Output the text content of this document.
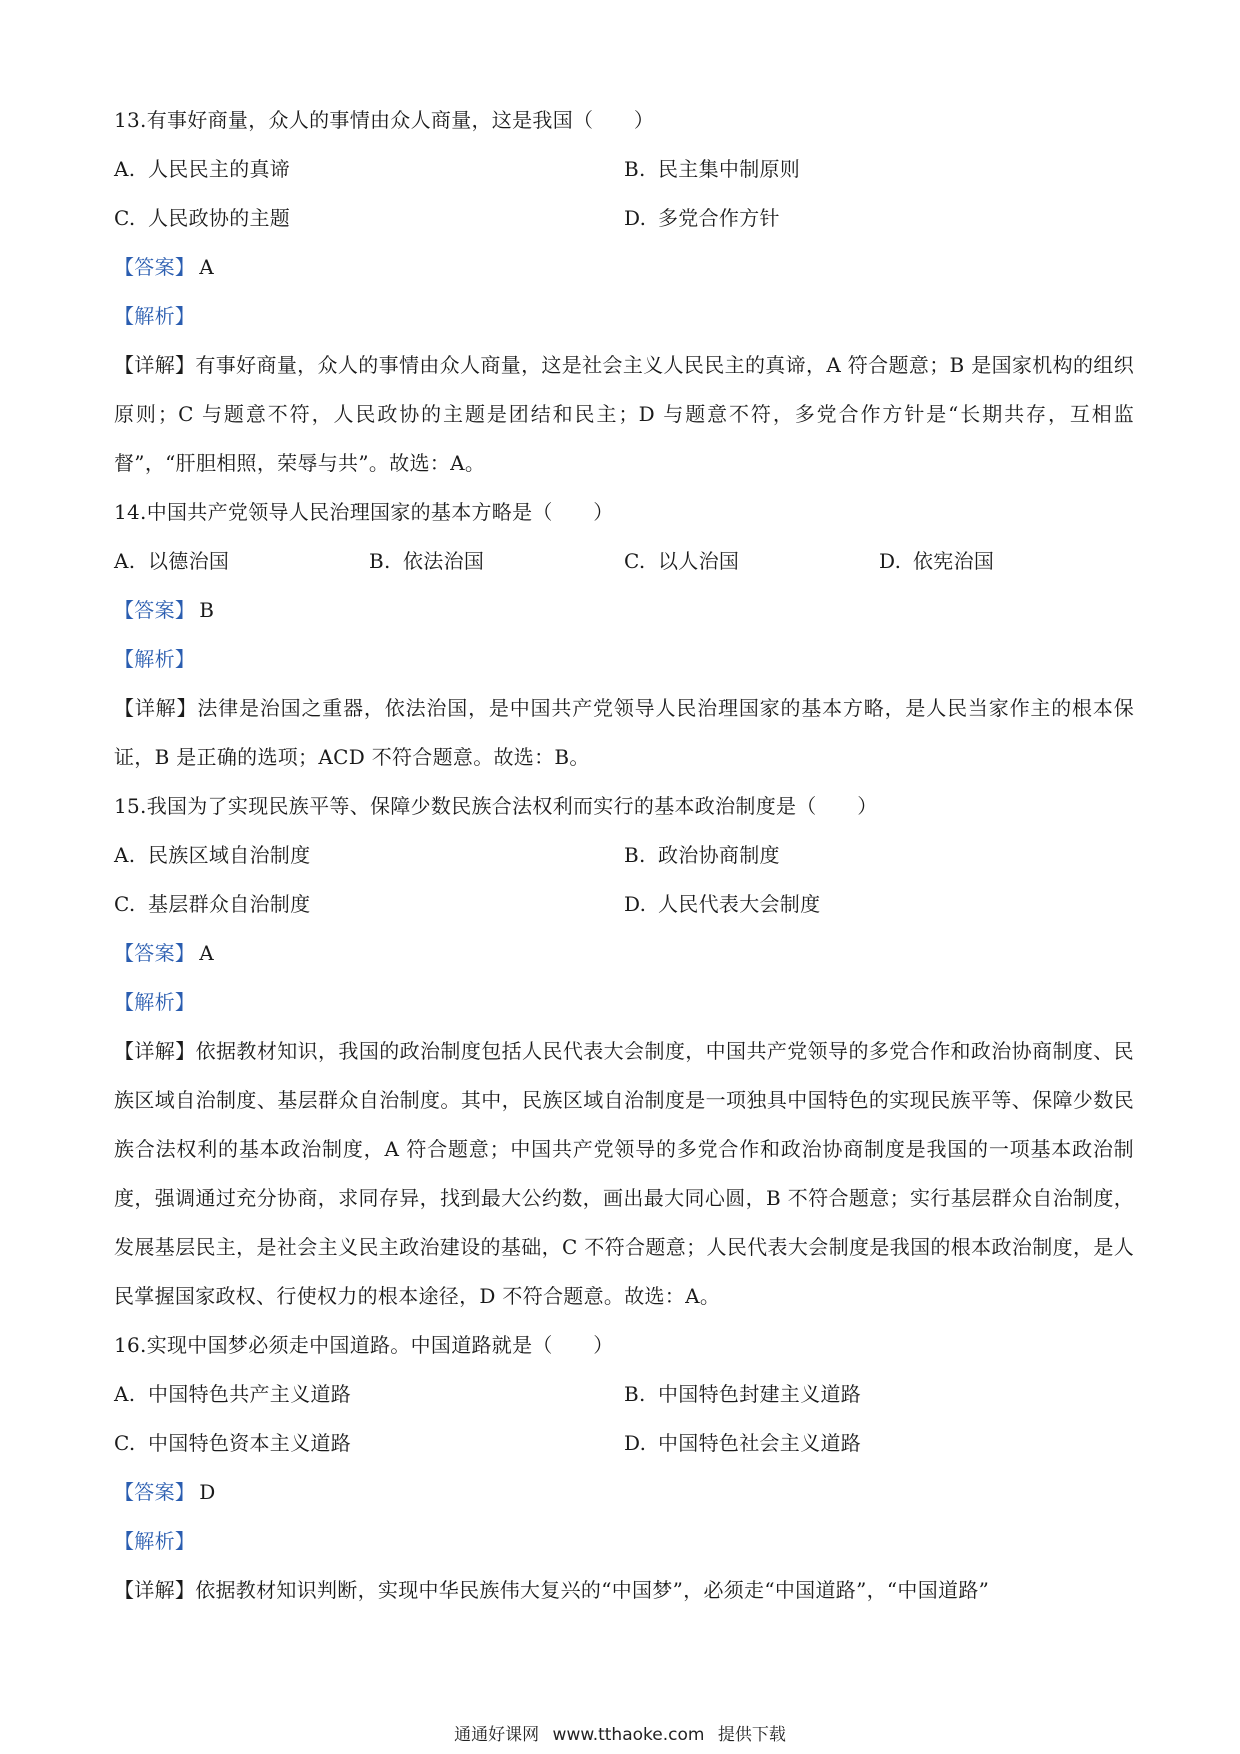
13.有事好商量，众人的事情由众人商量，这是我国（　　）
A. 人民民主的真谛	B. 民主集中制原则
C. 人民政协的主题	D. 多党合作方针
【答案】 A
【解析】
【详解】有事好商量，众人的事情由众人商量，这是社会主义人民民主的真谛，A 符合题意；B 是国家机构的组织原则；C 与题意不符，人民政协的主题是团结和民主；D 与题意不符，多党合作方针是“长期共存，互相监督”，“肝胆相照，荣辱与共”。故选：A。
14.中国共产党领导人民治理国家的基本方略是（　　）
A. 以德治国	B. 依法治国	C. 以人治国	D. 依宪治国
【答案】 B
【解析】
【详解】法律是治国之重器，依法治国，是中国共产党领导人民治理国家的基本方略，是人民当家作主的根本保证，B 是正确的选项；ACD 不符合题意。故选：B。
15.我国为了实现民族平等、保障少数民族合法权利而实行的基本政治制度是（　　）
A. 民族区域自治制度	B. 政治协商制度
C. 基层群众自治制度	D. 人民代表大会制度
【答案】 A
【解析】
【详解】依据教材知识，我国的政治制度包括人民代表大会制度，中国共产党领导的多党合作和政治协商制度、民族区域自治制度、基层群众自治制度。其中，民族区域自治制度是一项独具中国特色的实现民族平等、保障少数民族合法权利的基本政治制度，A 符合题意；中国共产党领导的多党合作和政治协商制度是我国的一项基本政治制度，强调通过充分协商，求同存异，找到最大公约数，画出最大同心圆，B 不符合题意；实行基层群众自治制度，发展基层民主，是社会主义民主政治建设的基础，C 不符合题意；人民代表大会制度是我国的根本政治制度，是人民掌握国家政权、行使权力的根本途径，D 不符合题意。故选：A。
16.实现中国梦必须走中国道路。中国道路就是（　　）
A. 中国特色共产主义道路	B. 中国特色封建主义道路
C. 中国特色资本主义道路	D. 中国特色社会主义道路
【答案】 D
【解析】
【详解】依据教材知识判断，实现中华民族伟大复兴的“中国梦”，必须走“中国道路”，“中国道路”
通通好课网 www.tthaoke.com 提供下载
